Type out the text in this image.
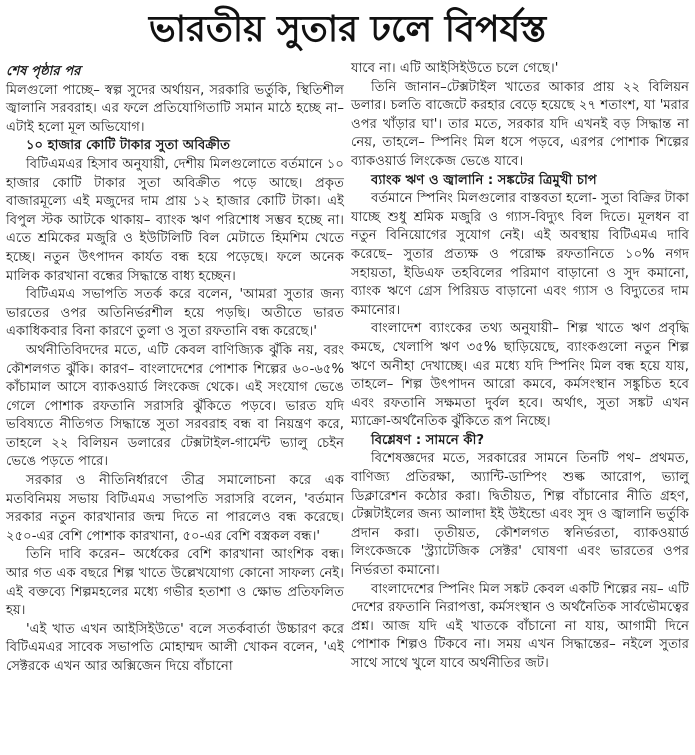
ভারতীয় সুতার ঢলে বিপর্যস্ত

শেষ পৃষ্ঠার পর

মিলগুলো পাচ্ছে– স্বল্প সুদের অর্থায়ন, সরকারি ভর্তুকি, স্থিতিশীল জ্বালানি সরবরাহ। এর ফলে প্রতিযোগিতাটি সমান মাঠে হচ্ছে না–এটাই হলো মূল অভিযোগ।

১০ হাজার কোটি টাকার সুতা অবিক্রীত

বিটিএমএর হিসাব অনুযায়ী, দেশীয় মিলগুলোতে বর্তমানে ১০ হাজার কোটি টাকার সুতা অবিক্রীত পড়ে আছে। প্রকৃত বাজারমূল্যে এই মজুদের দাম প্রায় ১২ হাজার কোটি টাকা। এই বিপুল স্টক আটকে থাকায়– ব্যাংক ঋণ পরিশোধ সম্ভব হচ্ছে না। এতে শ্রমিকের মজুরি ও ইউটিলিটি বিল মেটাতে হিমশিম খেতে হচ্ছে। নতুন উৎপাদন কার্যত বন্ধ হয়ে পড়েছে। ফলে অনেক মালিক কারখানা বন্ধের সিদ্ধান্তে বাধ্য হচ্ছেন।

বিটিএমএ সভাপতি সতর্ক করে বলেন, 'আমরা সুতার জন্য ভারতের ওপর অতিনির্ভরশীল হয়ে পড়ছি। অতীতে ভারত একাধিকবার বিনা কারণে তুলা ও সুতা রফতানি বন্ধ করেছে।'

অর্থনীতিবিদদের মতে, এটি কেবল বাণিজ্যিক ঝুঁকি নয়, বরং কৌশলগত ঝুঁকি। কারণ– বাংলাদেশের পোশাক শিল্পের ৬০-৬৫% কাঁচামাল আসে ব্যাকওয়ার্ড লিংকেজ থেকে। এই সংযোগ ভেঙে গেলে পোশাক রফতানি সরাসরি ঝুঁকিতে পড়বে। ভারত যদি ভবিষ্যতে নীতিগত সিদ্ধান্তে সুতা সরবরাহ বন্ধ বা নিয়ন্ত্রণ করে, তাহলে ২২ বিলিয়ন ডলারের টেক্সটাইল-গার্মেন্ট ভ্যালু চেইন ভেঙে পড়তে পারে।

সরকার ও নীতিনির্ধারণে তীব্র সমালোচনা করে এক মতবিনিময় সভায় বিটিএমএ সভাপতি সরাসরি বলেন, 'বর্তমান সরকার নতুন কারখানার জন্ম দিতে না পারলেও বন্ধ করেছে। ২৫০-এর বেশি পোশাক কারখানা, ৫০-এর বেশি বস্ত্রকল বন্ধ।'

তিনি দাবি করেন– অর্ধেকের বেশি কারখানা আংশিক বন্ধ। আর গত এক বছরে শিল্প খাতে উল্লেখযোগ্য কোনো সাফল্য নেই। এই বক্তব্যে শিল্পমহলের মধ্যে গভীর হতাশা ও ক্ষোভ প্রতিফলিত হয়।

'এই খাত এখন আইসিইউতে' বলে সতর্কবার্তা উচ্চারণ করে বিটিএমএর সাবেক সভাপতি মোহাম্মদ আলী খোকন বলেন, 'এই সেক্টরকে এখন আর অক্সিজেন দিয়ে বাঁচানো

যাবে না। এটি আইসিইউতে চলে গেছে।'

তিনি জানান–টেক্সটাইল খাতের আকার প্রায় ২২ বিলিয়ন ডলার। চলতি বাজেটে করহার বেড়ে হয়েছে ২৭ শতাংশ, যা 'মরার ওপর খাঁড়ার ঘা'। তার মতে, সরকার যদি এখনই বড় সিদ্ধান্ত না নেয়, তাহলে– স্পিনিং মিল ধসে পড়বে, এরপর পোশাক শিল্পের ব্যাকওয়ার্ড লিংকেজ ভেঙে যাবে।

ব্যাংক ঋণ ও জ্বালানি : সঙ্কটের ত্রিমুখী চাপ

বর্তমানে স্পিনিং মিলগুলোর বাস্তবতা হলো- সুতা বিক্রির টাকা যাচ্ছে শুধু শ্রমিক মজুরি ও গ্যাস-বিদ্যুৎ বিল দিতে। মূলধন বা নতুন বিনিয়োগের সুযোগ নেই। এই অবস্থায় বিটিএমএ দাবি করেছে– সুতার প্রত্যক্ষ ও পরোক্ষ রফতানিতে ১০% নগদ সহায়তা, ইডিএফ তহবিলের পরিমাণ বাড়ানো ও সুদ কমানো, ব্যাংক ঋণে গ্রেস পিরিয়ড বাড়ানো এবং গ্যাস ও বিদ্যুতের দাম কমানোর।

বাংলাদেশ ব্যাংকের তথ্য অনুযায়ী– শিল্প খাতে ঋণ প্রবৃদ্ধি কমছে, খেলাপি ঋণ ৩৫% ছাড়িয়েছে, ব্যাংকগুলো নতুন শিল্প ঋণে অনীহা দেখাচ্ছে। এর মধ্যে যদি স্পিনিং মিল বন্ধ হয়ে যায়, তাহলে– শিল্প উৎপাদন আরো কমবে, কর্মসংস্থান সঙ্কুচিত হবে এবং রফতানি সক্ষমতা দুর্বল হবে। অর্থাৎ, সুতা সঙ্কট এখন ম্যাক্রো-অর্থনৈতিক ঝুঁকিতে রূপ নিচ্ছে।

বিশ্লেষণ : সামনে কী?

বিশেষজ্ঞদের মতে, সরকারের সামনে তিনটি পথ– প্রথমত, বাণিজ্য প্রতিরক্ষা, অ্যান্টি-ডাম্পিং শুল্ক আরোপ, ভ্যালু ডিক্লারেশন কঠোর করা। দ্বিতীয়ত, শিল্প বাঁচানোর নীতি গ্রহণ, টেক্সটাইলের জন্য আলাদা ইই উইন্ডো এবং সুদ ও জ্বালানি ভর্তুকি প্রদান করা। তৃতীয়ত, কৌশলগত স্বনির্ভরতা, ব্যাকওয়ার্ড লিংকেজকে 'স্ট্র্যাটেজিক সেক্টর' ঘোষণা এবং ভারতের ওপর নির্ভরতা কমানো।

বাংলাদেশের স্পিনিং মিল সঙ্কট কেবল একটি শিল্পের নয়– এটি দেশের রফতানি নিরাপত্তা, কর্মসংস্থান ও অর্থনৈতিক সার্বভৌমত্বের প্রশ্ন। আজ যদি এই খাতকে বাঁচানো না যায়, আগামী দিনে পোশাক শিল্পও টিকবে না। সময় এখন সিদ্ধান্তের– নইলে সুতার সাথে সাথে খুলে যাবে অর্থনীতির জট।
